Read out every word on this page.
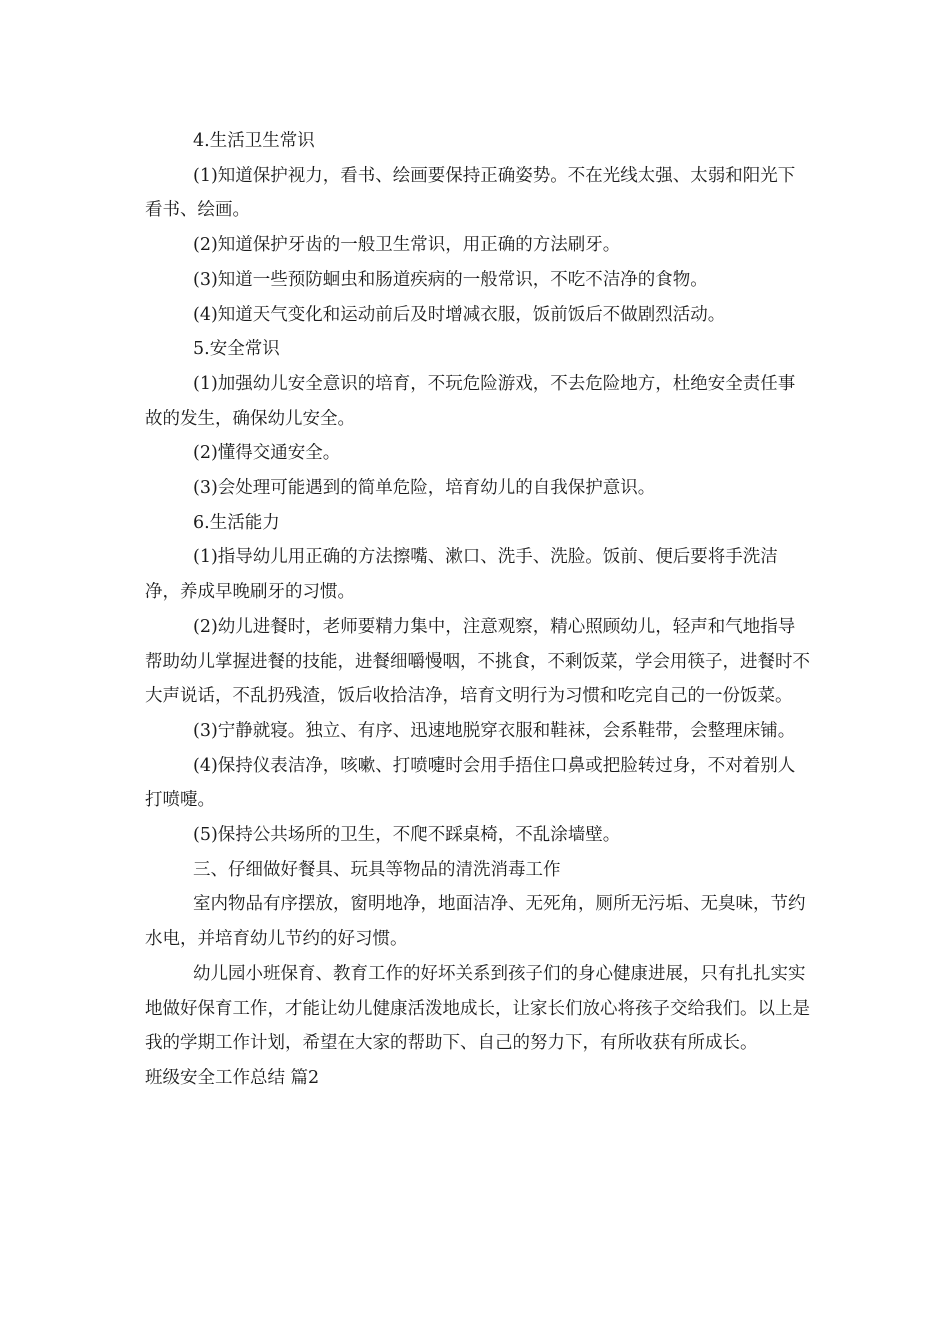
4.生活卫生常识

(1)知道保护视力，看书、绘画要保持正确姿势。不在光线太强、太弱和阳光下看书、绘画。

(2)知道保护牙齿的一般卫生常识，用正确的方法刷牙。

(3)知道一些预防蛔虫和肠道疾病的一般常识，不吃不洁净的食物。

(4)知道天气变化和运动前后及时增减衣服，饭前饭后不做剧烈活动。

5.安全常识

(1)加强幼儿安全意识的培育，不玩危险游戏，不去危险地方，杜绝安全责任事故的发生，确保幼儿安全。

(2)懂得交通安全。

(3)会处理可能遇到的简单危险，培育幼儿的自我保护意识。

6.生活能力

(1)指导幼儿用正确的方法擦嘴、漱口、洗手、洗脸。饭前、便后要将手洗洁净，养成早晚刷牙的习惯。

(2)幼儿进餐时，老师要精力集中，注意观察，精心照顾幼儿，轻声和气地指导帮助幼儿掌握进餐的技能，进餐细嚼慢咽，不挑食，不剩饭菜，学会用筷子，进餐时不大声说话，不乱扔残渣，饭后收拾洁净，培育文明行为习惯和吃完自己的一份饭菜。

(3)宁静就寝。独立、有序、迅速地脱穿衣服和鞋袜，会系鞋带，会整理床铺。

(4)保持仪表洁净，咳嗽、打喷嚏时会用手捂住口鼻或把脸转过身，不对着别人打喷嚏。

(5)保持公共场所的卫生，不爬不踩桌椅，不乱涂墙壁。

三、仔细做好餐具、玩具等物品的清洗消毒工作

室内物品有序摆放，窗明地净，地面洁净、无死角，厕所无污垢、无臭味，节约水电，并培育幼儿节约的好习惯。

幼儿园小班保育、教育工作的好坏关系到孩子们的身心健康进展，只有扎扎实实地做好保育工作，才能让幼儿健康活泼地成长，让家长们放心将孩子交给我们。以上是我的学期工作计划，希望在大家的帮助下、自己的努力下，有所收获有所成长。

班级安全工作总结 篇2
